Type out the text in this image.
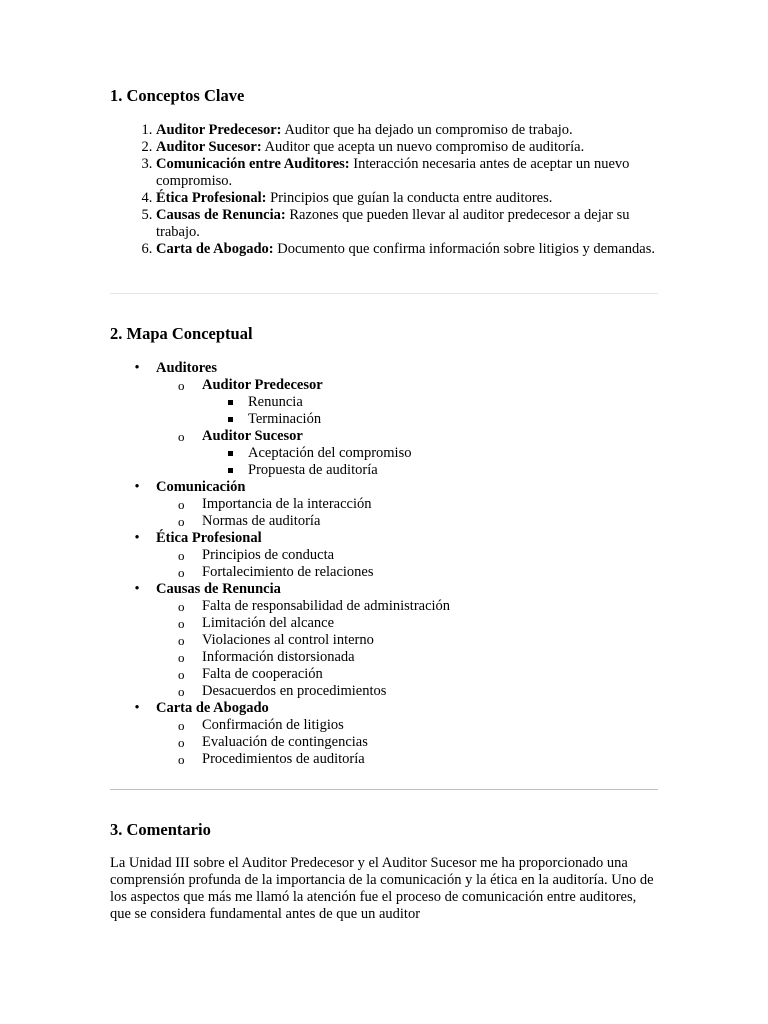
1. Conceptos Clave
1. Auditor Predecesor: Auditor que ha dejado un compromiso de trabajo.
2. Auditor Sucesor: Auditor que acepta un nuevo compromiso de auditoría.
3. Comunicación entre Auditores: Interacción necesaria antes de aceptar un nuevo compromiso.
4. Ética Profesional: Principios que guían la conducta entre auditores.
5. Causas de Renuncia: Razones que pueden llevar al auditor predecesor a dejar su trabajo.
6. Carta de Abogado: Documento que confirma información sobre litigios y demandas.
2. Mapa Conceptual
• Auditores
o Auditor Predecesor
Renuncia
Terminación
o Auditor Sucesor
Aceptación del compromiso
Propuesta de auditoría
• Comunicación
o Importancia de la interacción
o Normas de auditoría
• Ética Profesional
o Principios de conducta
o Fortalecimiento de relaciones
• Causas de Renuncia
o Falta de responsabilidad de administración
o Limitación del alcance
o Violaciones al control interno
o Información distorsionada
o Falta de cooperación
o Desacuerdos en procedimientos
• Carta de Abogado
o Confirmación de litigios
o Evaluación de contingencias
o Procedimientos de auditoría
3. Comentario

La Unidad III sobre el Auditor Predecesor y el Auditor Sucesor me ha proporcionado una comprensión profunda de la importancia de la comunicación y la ética en la auditoría. Uno de los aspectos que más me llamó la atención fue el proceso de comunicación entre auditores, que se considera fundamental antes de que un auditor
